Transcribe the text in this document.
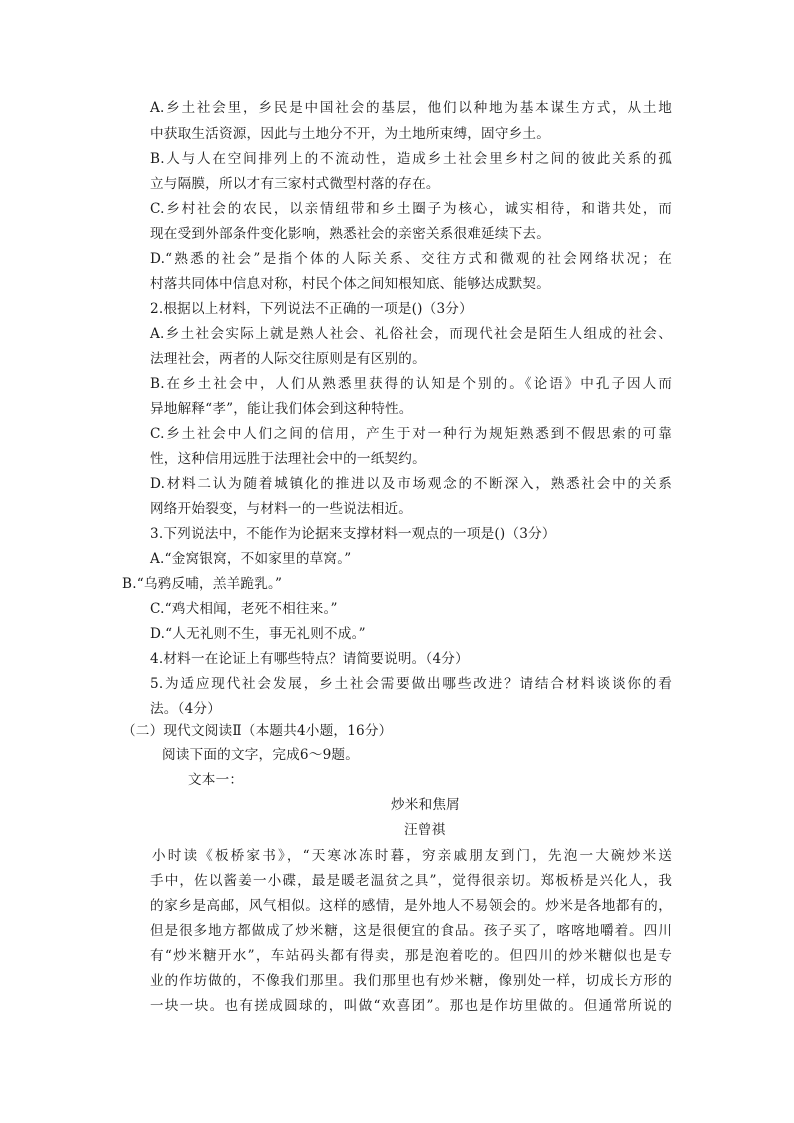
A.乡土社会里，乡民是中国社会的基层，他们以种地为基本谋生方式，从土地
中获取生活资源，因此与土地分不开，为土地所束缚，固守乡土。
B.人与人在空间排列上的不流动性，造成乡土社会里乡村之间的彼此关系的孤
立与隔膜，所以才有三家村式微型村落的存在。
C.乡村社会的农民，以亲情纽带和乡土圈子为核心，诚实相待，和谐共处，而
现在受到外部条件变化影响，熟悉社会的亲密关系很难延续下去。
D.“熟悉的社会”是指个体的人际关系、交往方式和微观的社会网络状况；在
村落共同体中信息对称，村民个体之间知根知底、能够达成默契。
2.根据以上材料，下列说法不正确的一项是()（3分）
A.乡土社会实际上就是熟人社会、礼俗社会，而现代社会是陌生人组成的社会、
法理社会，两者的人际交往原则是有区别的。
B.在乡土社会中，人们从熟悉里获得的认知是个别的。《论语》中孔子因人而
异地解释“孝”，能让我们体会到这种特性。
C.乡土社会中人们之间的信用，产生于对一种行为规矩熟悉到不假思索的可靠
性，这种信用远胜于法理社会中的一纸契约。
D.材料二认为随着城镇化的推进以及市场观念的不断深入，熟悉社会中的关系
网络开始裂变，与材料一的一些说法相近。
3.下列说法中，不能作为论据来支撑材料一观点的一项是()（3分）
A.“金窝银窝，不如家里的草窝。”
B.“乌鸦反哺，羔羊跪乳。”
C.“鸡犬相闻，老死不相往来。”
D.“人无礼则不生，事无礼则不成。”
4.材料一在论证上有哪些特点？请简要说明。（4分）
5.为适应现代社会发展，乡土社会需要做出哪些改进？请结合材料谈谈你的看
法。（4分）
（二）现代文阅读Ⅱ（本题共4小题，16分）
阅读下面的文字，完成6～9题。
文本一：
炒米和焦屑
汪曾祺
小时读《板桥家书》，“天寒冰冻时暮，穷亲戚朋友到门，先泡一大碗炒米送
手中，佐以酱姜一小碟，最是暖老温贫之具”，觉得很亲切。郑板桥是兴化人，我
的家乡是高邮，风气相似。这样的感情，是外地人不易领会的。炒米是各地都有的，
但是很多地方都做成了炒米糖，这是很便宜的食品。孩子买了，喀喀地嚼着。四川
有“炒米糖开水”，车站码头都有得卖，那是泡着吃的。但四川的炒米糖似也是专
业的作坊做的，不像我们那里。我们那里也有炒米糖，像别处一样，切成长方形的
一块一块。也有搓成圆球的，叫做“欢喜团”。那也是作坊里做的。但通常所说的
